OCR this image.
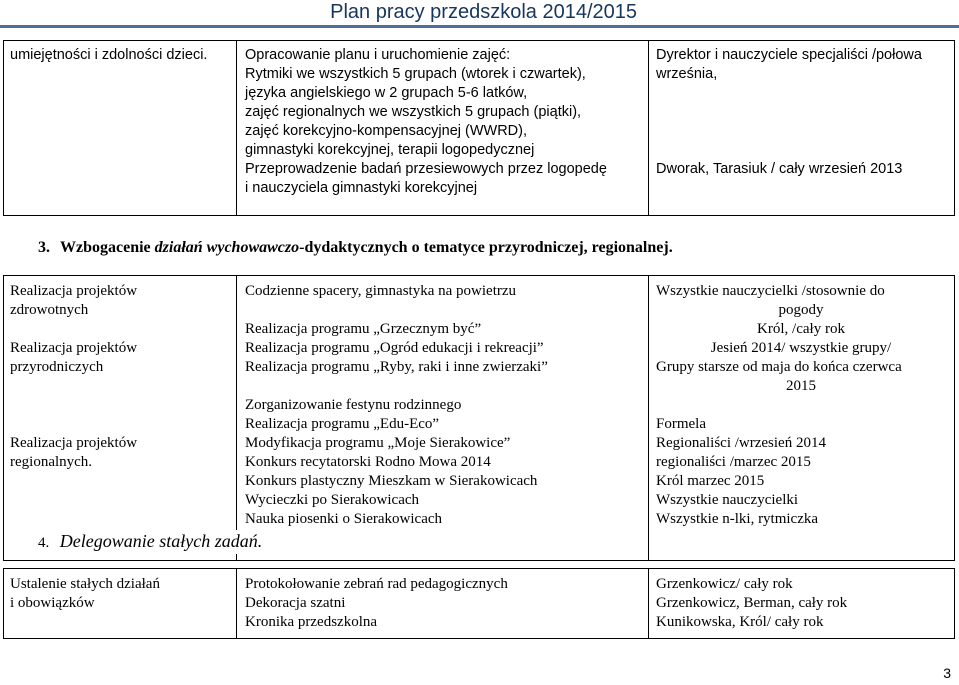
Plan pracy przedszkola 2014/2015
umiejętności i zdolności dzieci.	Opracowanie planu i uruchomienie zajęć:
Rytmiki we wszystkich 5 grupach (wtorek i czwartek),
języka angielskiego w 2 grupach 5-6 latków,
zajęć regionalnych we wszystkich 5 grupach (piątki),
zajęć korekcyjno-kompensacyjnej (WWRD),
gimnastyki korekcyjnej, terapii logopedycznej
Przeprowadzenie badań przesiewowych przez logopedę
i nauczyciela gimnastyki korekcyjnej
Dyrektor i nauczyciele specjaliści /połowa
września,
Dworak, Tarasiuk / cały wrzesień 2013
3. Wzbogacenie działań wychowawczo-dydaktycznych o tematyce przyrodniczej, regionalnej.
Realizacja projektów
zdrowotnych
Realizacja projektów
przyrodniczych
Realizacja projektów
regionalnych.
Codzienne spacery, gimnastyka na powietrzu
Realizacja programu „Grzecznym być”
Realizacja programu „Ogród edukacji i rekreacji”
Realizacja programu „Ryby, raki i inne zwierzaki”
Zorganizowanie festynu rodzinnego
Realizacja programu „Edu-Eco”
Modyfikacja programu „Moje Sierakowice”
Konkurs recytatorski Rodno Mowa 2014
Konkurs plastyczny Mieszkam w Sierakowicach
Wycieczki po Sierakowicach
Nauka piosenki o Sierakowicach
Wszystkie nauczycielki /stosownie do
pogody
Król, /cały rok
Jesień 2014/ wszystkie grupy/
Grupy starsze od maja do końca czerwca
2015
Formela
Regionaliści /wrzesień 2014
regionaliści /marzec 2015
Król marzec 2015
Wszystkie nauczycielki
Wszystkie n-lki, rytmiczka
4. Delegowanie stałych zadań.
Ustalenie stałych działań
i obowiązków
Protokołowanie zebrań rad pedagogicznych
Dekoracja szatni
Kronika przedszkolna
Grzenkowicz/ cały rok
Grzenkowicz, Berman, cały rok
Kunikowska, Król/ cały rok
3
